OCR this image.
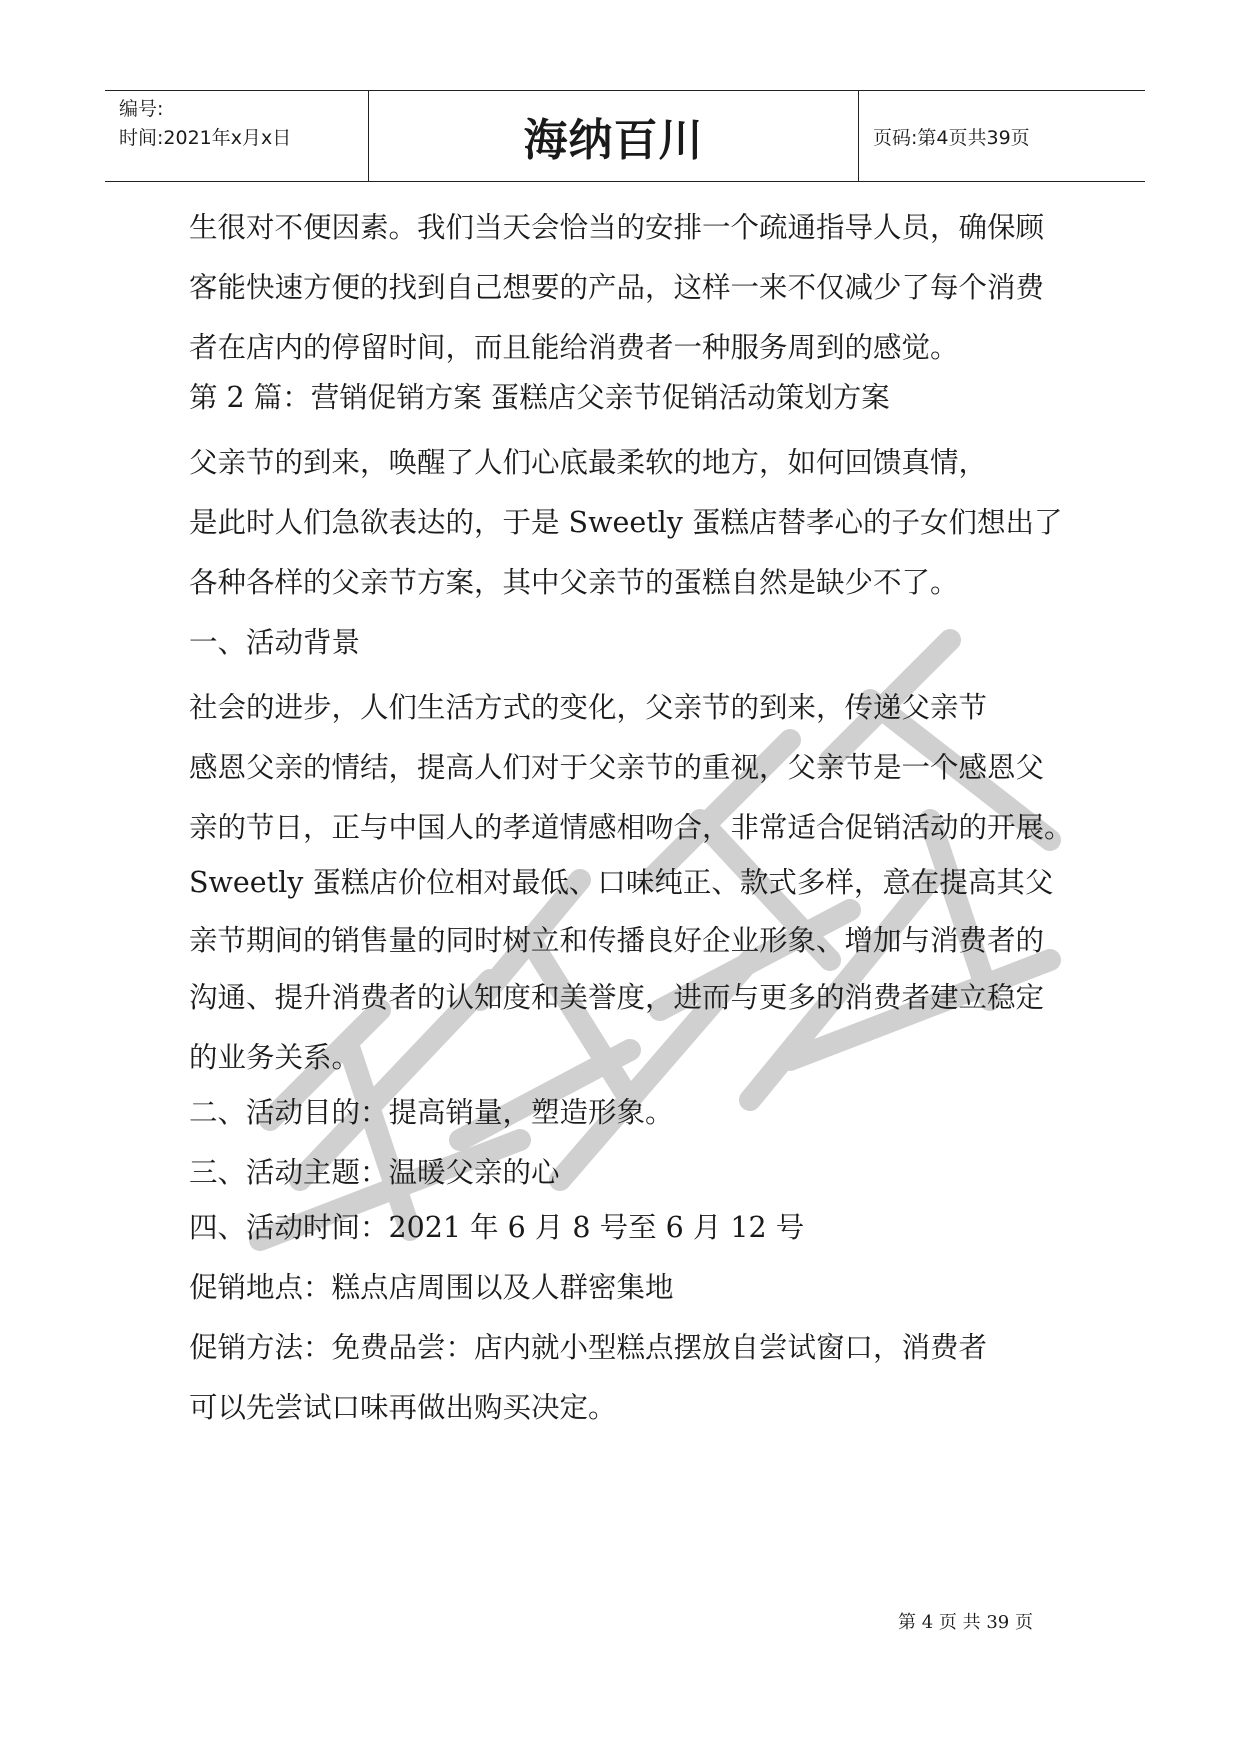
编号:
时间:2021年x月x日	海纳百川	页码:第4页共39页
生很对不便因素。我们当天会恰当的安排一个疏通指导人员，确保顾
客能快速方便的找到自己想要的产品，这样一来不仅减少了每个消费
者在店内的停留时间，而且能给消费者一种服务周到的感觉。
第 2 篇：营销促销方案 蛋糕店父亲节促销活动策划方案
父亲节的到来，唤醒了人们心底最柔软的地方，如何回馈真情，
是此时人们急欲表达的，于是 Sweetly 蛋糕店替孝心的子女们想出了
各种各样的父亲节方案，其中父亲节的蛋糕自然是缺少不了。
一、活动背景
社会的进步，人们生活方式的变化，父亲节的到来，传递父亲节
感恩父亲的情结，提高人们对于父亲节的重视，父亲节是一个感恩父
亲的节日，正与中国人的孝道情感相吻合，非常适合促销活动的开展。
Sweetly 蛋糕店价位相对最低、口味纯正、款式多样，意在提高其父
亲节期间的销售量的同时树立和传播良好企业形象、增加与消费者的
沟通、提升消费者的认知度和美誉度，进而与更多的消费者建立稳定
的业务关系。
二、活动目的：提高销量，塑造形象。
三、活动主题：温暖父亲的心
四、活动时间：2021 年 6 月 8 号至 6 月 12 号
促销地点：糕点店周围以及人群密集地
促销方法：免费品尝：店内就小型糕点摆放自尝试窗口，消费者
可以先尝试口味再做出购买决定。
第 4 页 共 39 页
